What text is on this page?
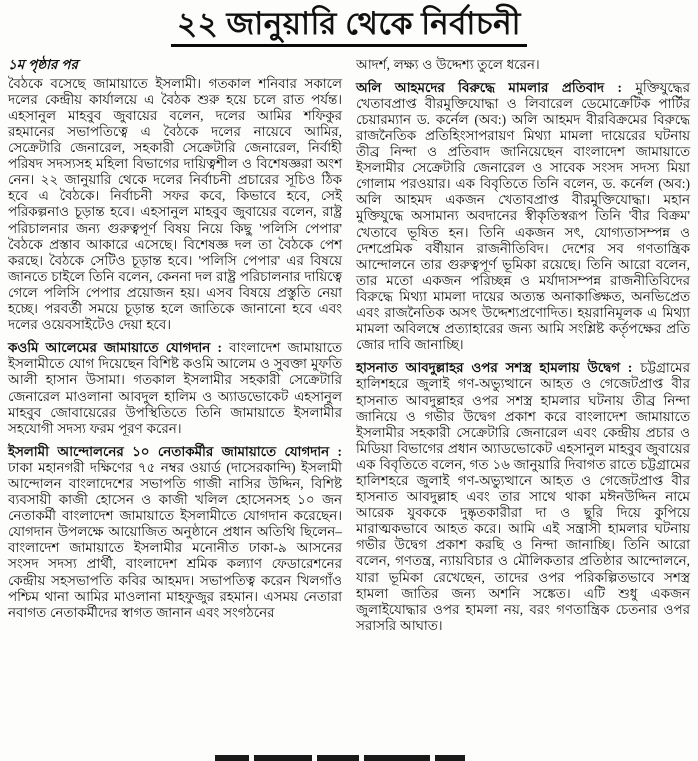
২২ জানুয়ারি থেকে নির্বাচনী
১ম পৃষ্ঠার পর

বৈঠকে বসেছে জামায়াতে ইসলামী। গতকাল শনিবার সকালে দলের কেন্দ্রীয় কার্যালয়ে এ বৈঠক শুরু হয়ে চলে রাত পর্যন্ত। এহসানুল মাহবুব জুবায়ের বলেন, দলের আমির শফিকুর রহমানের সভাপতিত্বে এ বৈঠকে দলের নায়েবে আমির, সেক্রেটারি জেনারেল, সহকারী সেক্রেটারি জেনারেল, নির্বাহী পরিষদ সদস্যসহ মহিলা বিভাগের দায়িত্বশীল ও বিশেষজ্ঞরা অংশ নেন। ২২ জানুয়ারি থেকে দলের নির্বাচনী প্রচারের সূচিও ঠিক হবে এ বৈঠকে। নির্বাচনী সফর কবে, কিভাবে হবে, সেই পরিকল্পনাও চূড়ান্ত হবে। এহসানুল মাহবুব জুবায়ের বলেন, রাষ্ট্র পরিচালনার জন্য গুরুত্বপূর্ণ বিষয় নিয়ে কিছু 'পলিসি পেপার' বৈঠকে প্রস্তাব আকারে এসেছে। বিশেষজ্ঞ দল তা বৈঠকে পেশ করছে। বৈঠকে সেটিও চূড়ান্ত হবে। 'পলিসি পেপার' এর বিষয়ে জানতে চাইলে তিনি বলেন, কেননা দল রাষ্ট্র পরিচালনার দায়িত্বে গেলে পলিসি পেপার প্রয়োজন হয়। এসব বিষয়ে প্রস্তুতি নেয়া হচ্ছে। পরবর্তী সময়ে চূড়ান্ত হলে জাতিকে জানানো হবে এবং দলের ওয়েবসাইটেও দেয়া হবে।

কওমি আলেমের জামায়াতে যোগদান : বাংলাদেশ জামায়াতে ইসলামীতে যোগ দিয়েছেন বিশিষ্ট কওমি আলেম ও সুবক্তা মুফতি আলী হাসান উসামা। গতকাল ইসলামীর সহকারী সেক্রেটারি জেনারেল মাওলানা আবদুল হালিম ও অ্যাডভোকেট এহসানুল মাহবুব জোবায়েরের উপস্থিতিতে তিনি জামায়াতে ইসলামীর সহযোগী সদস্য ফরম পূরণ করেন।

ইসলামী আন্দোলনের ১০ নেতাকর্মীর জামায়াতে যোগদান : ঢাকা মহানগরী দক্ষিণের ৭৫ নম্বর ওয়ার্ড (দাসেরকান্দি) ইসলামী আন্দোলন বাংলাদেশের সভাপতি গাজী নাসির উদ্দিন, বিশিষ্ট ব্যবসায়ী কাজী হোসেন ও কাজী খলিল হোসেনসহ ১০ জন নেতাকর্মী বাংলাদেশ জামায়াতে ইসলামীতে যোগদান করেছেন। যোগদান উপলক্ষে আয়োজিত অনুষ্ঠানে প্রধান অতিথি ছিলেন– বাংলাদেশ জামায়াতে ইসলামীর মনোনীত ঢাকা-৯ আসনের সংসদ সদস্য প্রার্থী, বাংলাদেশ শ্রমিক কল্যাণ ফেডারেশনের কেন্দ্রীয় সহসভাপতি কবির আহমদ। সভাপতিত্ব করেন খিলগাঁও পশ্চিম থানা আমির মাওলানা মাহফুজুর রহমান। এসময় নেতারা নবাগত নেতাকর্মীদের স্বাগত জানান এবং সংগঠনের

আদর্শ, লক্ষ্য ও উদ্দেশ্য তুলে ধরেন।

অলি আহমদের বিরুদ্ধে মামলার প্রতিবাদ : মুক্তিযুদ্ধের খেতাবপ্রাপ্ত বীরমুক্তিযোদ্ধা ও লিবারেল ডেমোক্রেটিক পার্টির চেয়ারম্যান ড. কর্নেল (অব:) অলি আহমদ বীরবিক্রমের বিরুদ্ধে রাজনৈতিক প্রতিহিংসাপরায়ণ মিথ্যা মামলা দায়েরের ঘটনায় তীব্র নিন্দা ও প্রতিবাদ জানিয়েছেন বাংলাদেশ জামায়াতে ইসলামীর সেক্রেটারি জেনারেল ও সাবেক সংসদ সদস্য মিয়া গোলাম পরওয়ার। এক বিবৃতিতে তিনি বলেন, ড. কর্নেল (অব:) অলি আহমদ একজন খেতাবপ্রাপ্ত বীরমুক্তিযোদ্ধা। মহান মুক্তিযুদ্ধে অসামান্য অবদানের স্বীকৃতিস্বরূপ তিনি 'বীর বিক্রম' খেতাবে ভূষিত হন। তিনি একজন সৎ, যোগ্যতাসম্পন্ন ও দেশপ্রেমিক বর্ষীয়ান রাজনীতিবিদ। দেশের সব গণতান্ত্রিক আন্দোলনে তার গুরুত্বপূর্ণ ভূমিকা রয়েছে। তিনি আরো বলেন, তার মতো একজন পরিচ্ছন্ন ও মর্যাদাসম্পন্ন রাজনীতিবিদের বিরুদ্ধে মিথ্যা মামলা দায়ের অত্যন্ত অনাকাঙ্ক্ষিত, অনভিপ্রেত এবং রাজনৈতিক অসৎ উদ্দেশ্যপ্রণোদিত। হয়রানিমূলক এ মিথ্যা মামলা অবিলম্বে প্রত্যাহারের জন্য আমি সংশ্লিষ্ট কর্তৃপক্ষের প্রতি জোর দাবি জানাচ্ছি।

হাসনাত আবদুল্লাহর ওপর সশস্ত্র হামলায় উদ্বেগ : চট্টগ্রামের হালিশহরে জুলাই গণ-অভ্যুত্থানে আহত ও গেজেটপ্রাপ্ত বীর হাসনাত আবদুল্লাহর ওপর সশস্ত্র হামলার ঘটনায় তীব্র নিন্দা জানিয়ে ও গভীর উদ্বেগ প্রকাশ করে বাংলাদেশ জামায়াতে ইসলামীর সহকারী সেক্রেটারি জেনারেল এবং কেন্দ্রীয় প্রচার ও মিডিয়া বিভাগের প্রধান অ্যাডভোকেট এহসানুল মাহবুব জুবায়ের এক বিবৃতিতে বলেন, গত ১৬ জানুয়ারি দিবাগত রাতে চট্টগ্রামের হালিশহরে জুলাই গণ-অভ্যুত্থানে আহত ও গেজেটপ্রাপ্ত বীর হাসনাত আবদুল্লাহ এবং তার সাথে থাকা মঈনউদ্দিন নামে আরেক যুবককে দুষ্কৃতকারীরা দা ও ছুরি দিয়ে কুপিয়ে মারাত্মকভাবে আহত করে। আমি এই সন্ত্রাসী হামলার ঘটনায় গভীর উদ্বেগ প্রকাশ করছি ও নিন্দা জানাচ্ছি। তিনি আরো বলেন, গণতন্ত্র, ন্যায়বিচার ও মৌলিকতার প্রতিষ্ঠার আন্দোলনে, যারা ভূমিকা রেখেছেন, তাদের ওপর পরিকল্পিতভাবে সশস্ত্র হামলা জাতির জন্য অশনি সঙ্কেত। এটি শুধু একজন জুলাইযোদ্ধার ওপর হামলা নয়, বরং গণতান্ত্রিক চেতনার ওপর সরাসরি আঘাত।
